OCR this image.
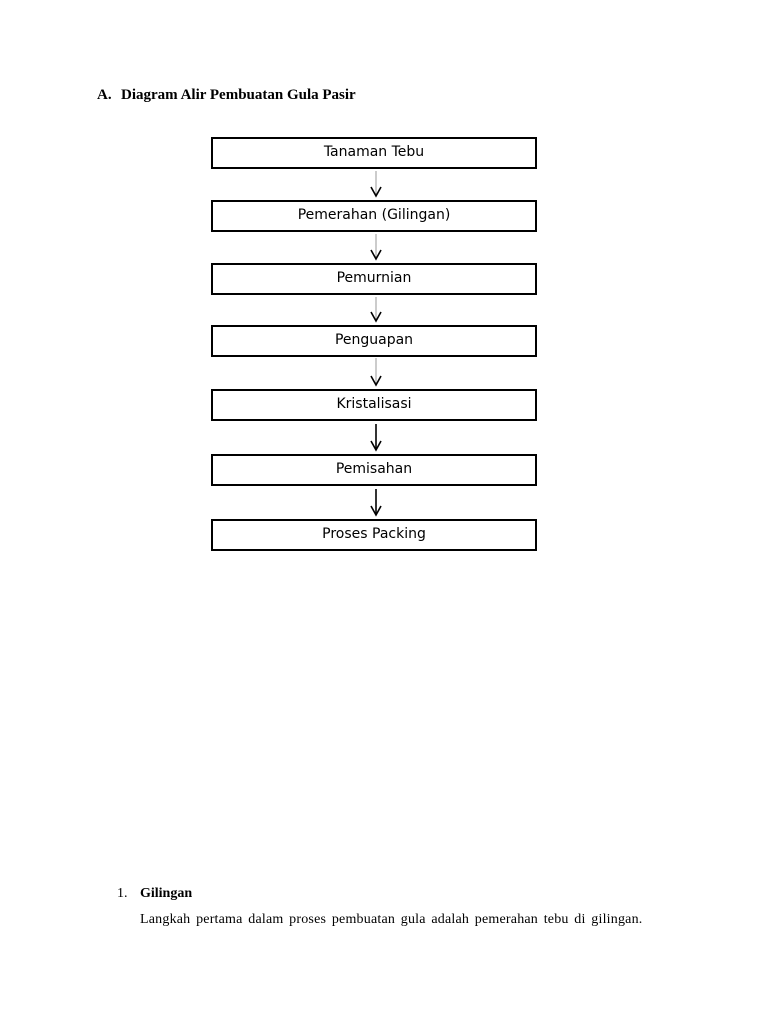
A. Diagram Alir Pembuatan Gula Pasir
Tanaman Tebu
Pemerahan (Gilingan)
Pemurnian
Penguapan
Kristalisasi
Pemisahan
Proses Packing
1. Gilingan
Langkah pertama dalam proses pembuatan gula adalah pemerahan tebu di gilingan.
